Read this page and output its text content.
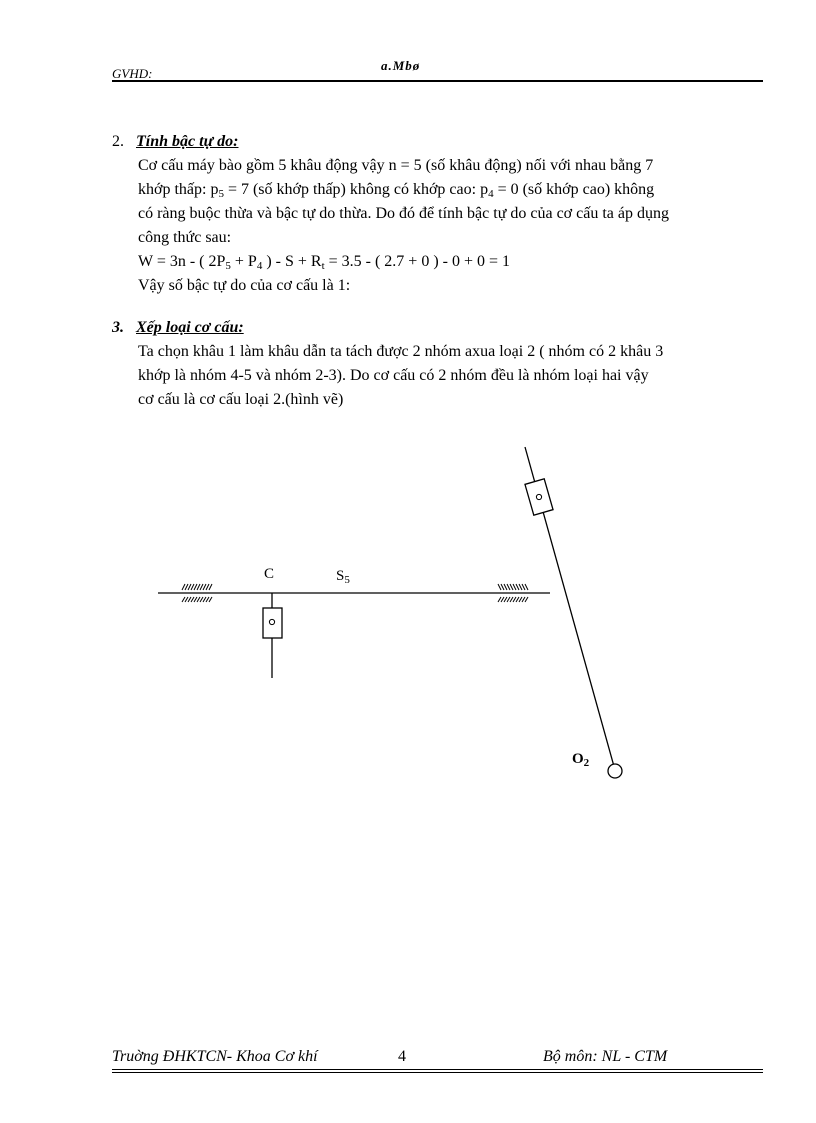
GVHD:
a.Mbø
2. Tính bậc tự do:

Cơ cấu máy bào gồm 5 khâu động vậy n = 5 (số khâu động) nối với nhau bằng 7

khớp thấp: $p_5 = 7$ (số khớp thấp) không có khớp cao: $p_4 = 0$ (số khớp cao) không

có ràng buộc thừa và bậc tự do thừa. Do đó để tính bậc tự do của cơ cấu ta áp dụng

công thức sau:

W = 3n - ( $2P_5 + P_4$ ) - $S + R_t = 3.5$ - ( 2.7 + 0 ) - 0 + 0 = 1

Vậy số bậc tự do của cơ cấu là 1:

3. Xếp loại cơ cấu:

Ta chọn khâu 1 làm khâu dẫn ta tách được 2 nhóm axua loại 2 ( nhóm có 2 khâu 3

khớp là nhóm 4-5 và nhóm 2-3). Do cơ cấu có 2 nhóm đều là nhóm loại hai vậy

cơ cấu là cơ cấu loại 2.(hình vẽ)

C	$S_5$
$O_2$
Truờng ĐHKTCN- Khoa Cơ khí	4	Bộ môn: NL - CTM
